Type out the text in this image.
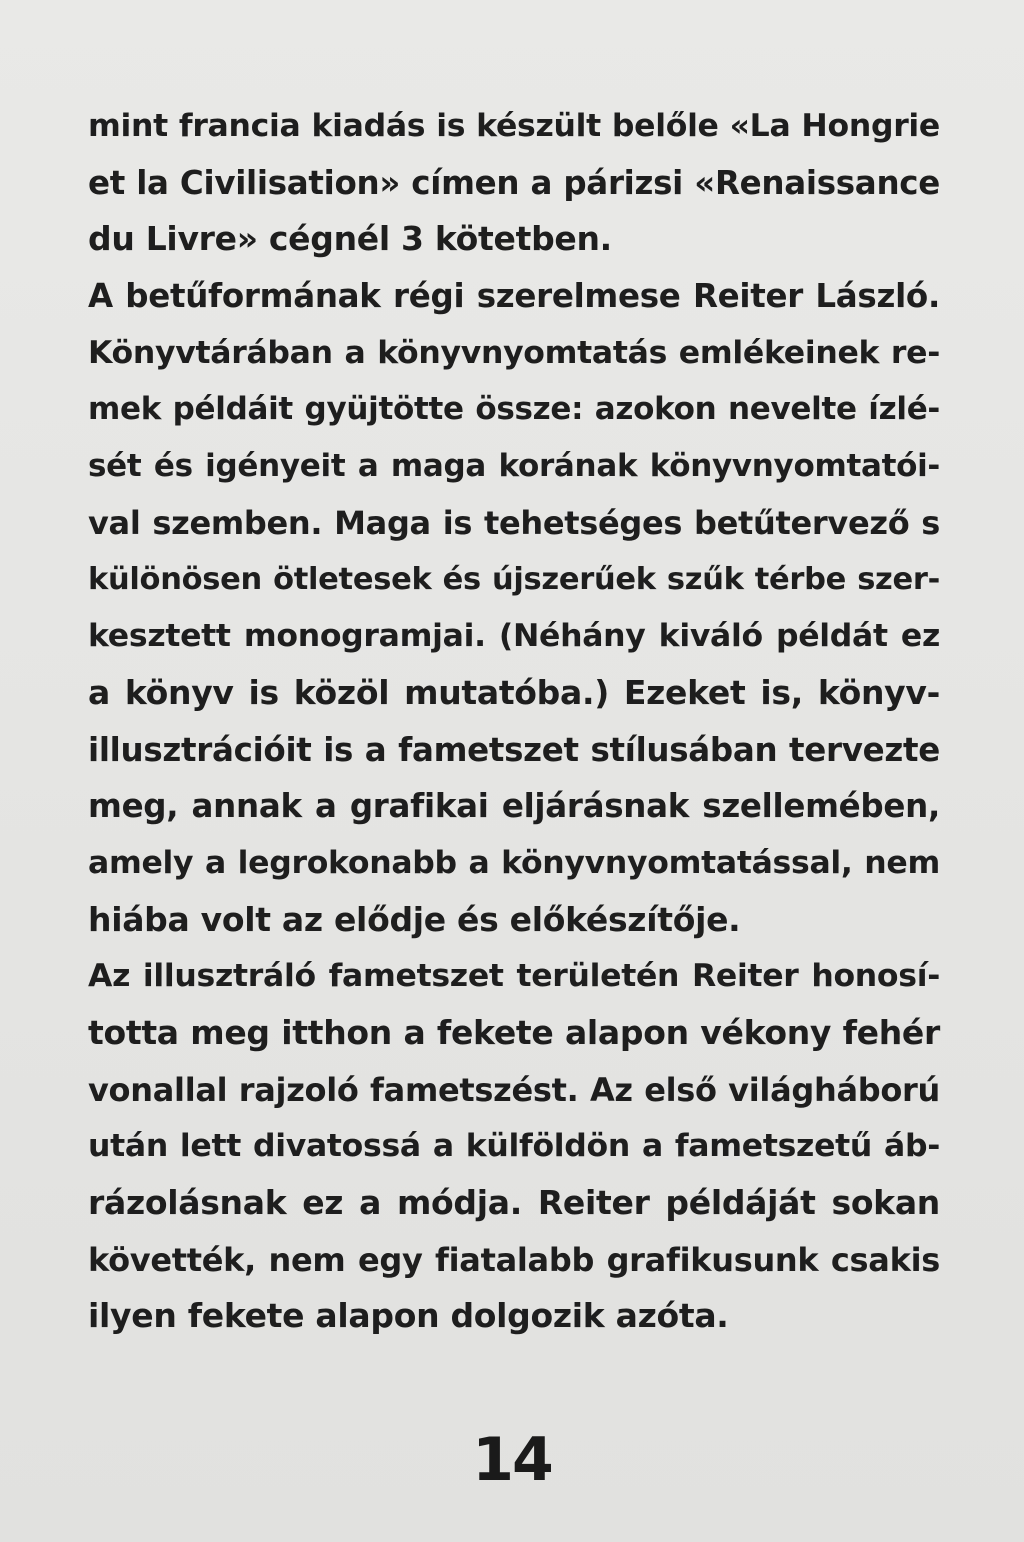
mint francia kiadás is készült belőle «La Hongrie
et la Civilisation» címen a párizsi «Renaissance
du Livre» cégnél 3 kötetben.
A betűformának régi szerelmese Reiter László.
Könyvtárában a könyvnyomtatás emlékeinek re-
mek példáit gyüjtötte össze: azokon nevelte ízlé-
sét és igényeit a maga korának könyvnyomtatói-
val szemben. Maga is tehetséges betűtervező s
különösen ötletesek és újszerűek szűk térbe szer-
kesztett monogramjai. (Néhány kiváló példát ez
a könyv is közöl mutatóba.) Ezeket is, könyv-
illusztrációit is a fametszet stílusában tervezte
meg, annak a grafikai eljárásnak szellemében,
amely a legrokonabb a könyvnyomtatással, nem
hiába volt az elődje és előkészítője.
Az illusztráló fametszet területén Reiter honosí-
totta meg itthon a fekete alapon vékony fehér
vonallal rajzoló fametszést. Az első világháború
után lett divatossá a külföldön a fametszetű áb-
rázolásnak ez a módja. Reiter példáját sokan
követték, nem egy fiatalabb grafikusunk csakis
ilyen fekete alapon dolgozik azóta.
14
